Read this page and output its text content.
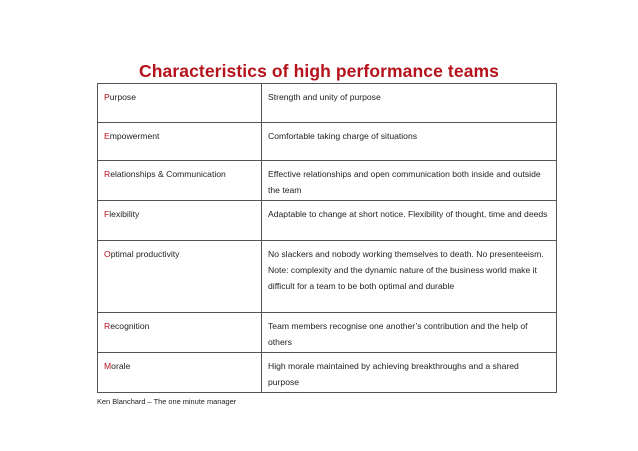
Characteristics of high performance teams
Purpose	Strength and unity of purpose
Empowerment	Comfortable taking charge of situations
Relationships & Communication	Effective relationships and open communication both inside and outside the team
Flexibility	Adaptable to change at short notice. Flexibility of thought, time and deeds
Optimal productivity	No slackers and nobody working themselves to death. No presenteeism. Note: complexity and the dynamic nature of the business world make it difficult for a team to be both optimal and durable
Recognition	Team members recognise one another’s contribution and the help of others
Morale	High morale maintained by achieving breakthroughs and a shared purpose
Ken Blanchard – The one minute manager
